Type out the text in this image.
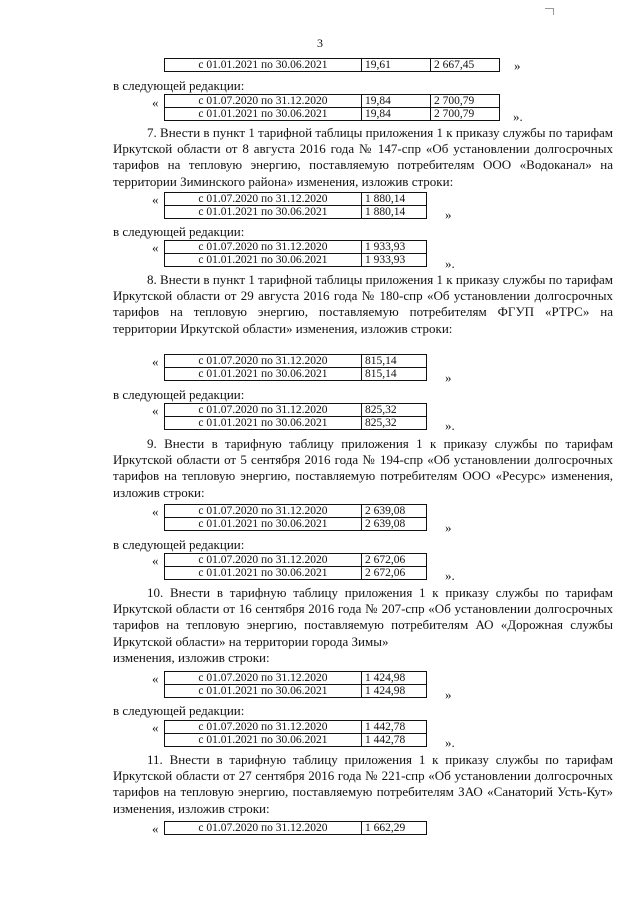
3
с 01.01.2021 по 30.06.2021	19,61	2 667,45	»
в следующей редакции:
«	с 01.07.2020 по 31.12.2020	19,84	2 700,79
с 01.01.2021 по 30.06.2021	19,84	2 700,79	».
7. Внести в пункт 1 тарифной таблицы приложения 1 к приказу службы по тарифам Иркутской области от 8 августа 2016 года № 147-спр «Об установлении долгосрочных тарифов на тепловую энергию, поставляемую потребителям ООО «Водоканал» на территории Зиминского района» изменения, изложив строки:
«	с 01.07.2020 по 31.12.2020	1 880,14
с 01.01.2021 по 30.06.2021	1 880,14	»
в следующей редакции:
«	с 01.07.2020 по 31.12.2020	1 933,93
с 01.01.2021 по 30.06.2021	1 933,93	».
8. Внести в пункт 1 тарифной таблицы приложения 1 к приказу службы по тарифам Иркутской области от 29 августа 2016 года № 180-спр «Об установлении долгосрочных тарифов на тепловую энергию, поставляемую потребителям ФГУП «РТРС» на территории Иркутской области» изменения, изложив строки:
«	с 01.07.2020 по 31.12.2020	815,14
с 01.01.2021 по 30.06.2021	815,14	»
в следующей редакции:
«	с 01.07.2020 по 31.12.2020	825,32
с 01.01.2021 по 30.06.2021	825,32	».
9. Внести в тарифную таблицу приложения 1 к приказу службы по тарифам Иркутской области от 5 сентября 2016 года № 194-спр «Об установлении долгосрочных тарифов на тепловую энергию, поставляемую потребителям ООО «Ресурс» изменения, изложив строки:
«	с 01.07.2020 по 31.12.2020	2 639,08
с 01.01.2021 по 30.06.2021	2 639,08	»
в следующей редакции:
«	с 01.07.2020 по 31.12.2020	2 672,06
с 01.01.2021 по 30.06.2021	2 672,06	».
10. Внести в тарифную таблицу приложения 1 к приказу службы по тарифам Иркутской области от 16 сентября 2016 года № 207-спр «Об установлении долгосрочных тарифов на тепловую энергию, поставляемую потребителям АО «Дорожная службы Иркутской области» на территории города Зимы»
изменения, изложив строки:
«	с 01.07.2020 по 31.12.2020	1 424,98
с 01.01.2021 по 30.06.2021	1 424,98	»
в следующей редакции:
«	с 01.07.2020 по 31.12.2020	1 442,78
с 01.01.2021 по 30.06.2021	1 442,78	».
11. Внести в тарифную таблицу приложения 1 к приказу службы по тарифам Иркутской области от 27 сентября 2016 года № 221-спр «Об установлении долгосрочных тарифов на тепловую энергию, поставляемую потребителям ЗАО «Санаторий Усть-Кут» изменения, изложив строки:
«	с 01.07.2020 по 31.12.2020	1 662,29
